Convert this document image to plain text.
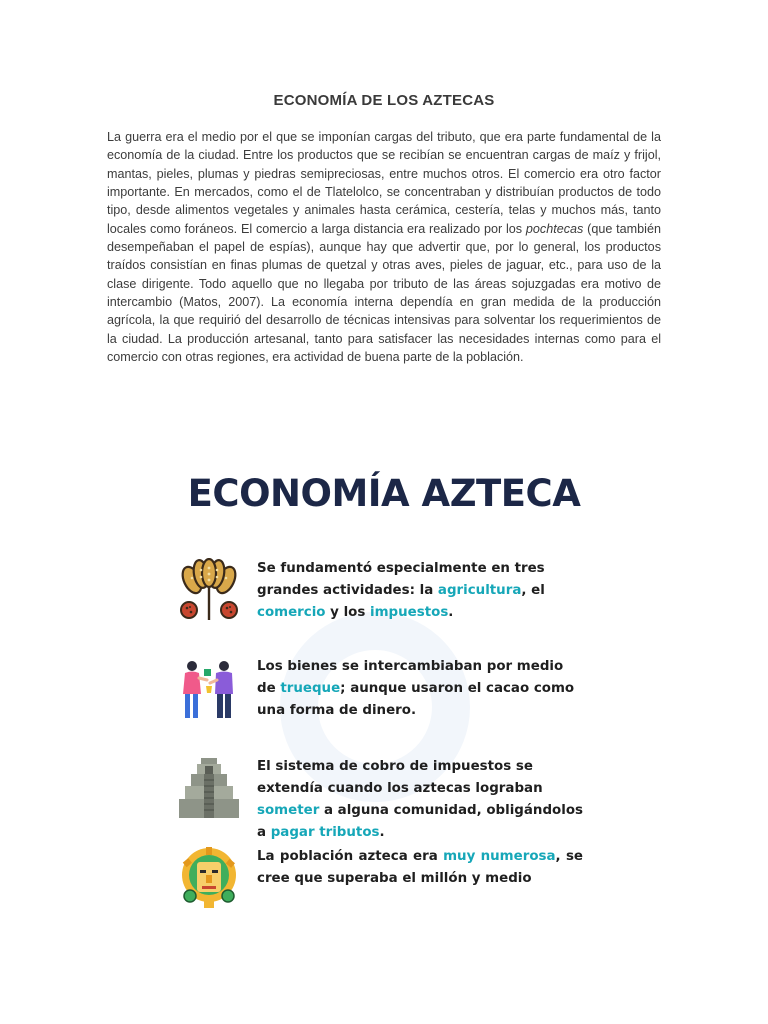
ECONOMÍA DE LOS AZTECAS
La guerra era el medio por el que se imponían cargas del tributo, que era parte fundamental de la economía de la ciudad. Entre los productos que se recibían se encuentran cargas de maíz y frijol, mantas, pieles, plumas y piedras semipreciosas, entre muchos otros. El comercio era otro factor importante. En mercados, como el de Tlatelolco, se concentraban y distribuían productos de todo tipo, desde alimentos vegetales y animales hasta cerámica, cestería, telas y muchos más, tanto locales como foráneos. El comercio a larga distancia era realizado por los pochtecas (que también desempeñaban el papel de espías), aunque hay que advertir que, por lo general, los productos traídos consistían en finas plumas de quetzal y otras aves, pieles de jaguar, etc., para uso de la clase dirigente. Todo aquello que no llegaba por tributo de las áreas sojuzgadas era motivo de intercambio (Matos, 2007). La economía interna dependía en gran medida de la producción agrícola, la que requirió del desarrollo de técnicas intensivas para solventar los requerimientos de la ciudad. La producción artesanal, tanto para satisfacer las necesidades internas como para el comercio con otras regiones, era actividad de buena parte de la población.
ECONOMÍA AZTECA
Se fundamentó especialmente en tres grandes actividades: la agricultura, el comercio y los impuestos.
Los bienes se intercambiaban por medio de trueque; aunque usaron el cacao como una forma de dinero.
El sistema de cobro de impuestos se extendía cuando los aztecas lograban someter a alguna comunidad, obligándolos a pagar tributos.
La población azteca era muy numerosa, se cree que superaba el millón y medio
